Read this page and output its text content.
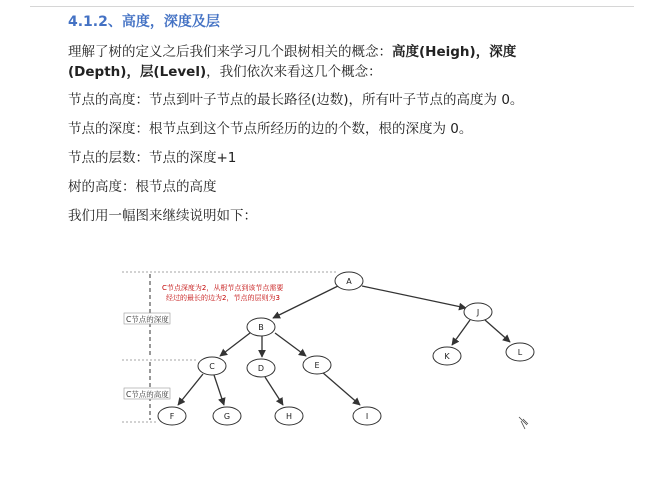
4.1.2、高度，深度及层
理解了树的定义之后我们来学习几个跟树相关的概念：高度(Heigh)，深度
(Depth)，层(Level)，我们依次来看这几个概念：
节点的高度：节点到叶子节点的最长路径(边数)，所有叶子节点的高度为 0。
节点的深度：根节点到这个节点所经历的边的个数，根的深度为 0。
节点的层数：节点的深度+1
树的高度：根节点的高度
我们用一幅图来继续说明如下：
C节点的深度
C节点的高度
C节点深度为2，从根节点到该节点需要
经过的最长的边为2，节点的层则为3
A
B
C	D	E
F	G	H	I
J
K	L
